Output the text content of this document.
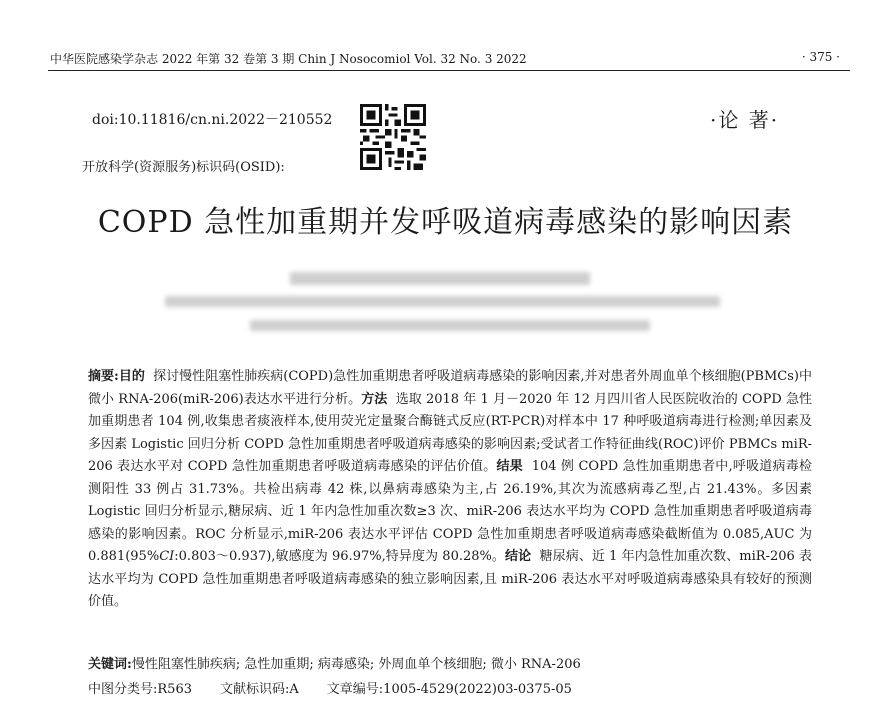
中华医院感染学杂志 2022 年第 32 卷第 3 期 Chin J Nosocomiol Vol. 32 No. 3 2022	· 375 ·
doi:10.11816/cn.ni.2022－210552
开放科学(资源服务)标识码(OSID):
·论 著·
COPD 急性加重期并发呼吸道病毒感染的影响因素

摘要:目的 探讨慢性阻塞性肺疾病(COPD)急性加重期患者呼吸道病毒感染的影响因素,并对患者外周血单个核细胞(PBMCs)中微小 RNA-206(miR-206)表达水平进行分析。方法 选取 2018 年 1 月－2020 年 12 月四川省人民医院收治的 COPD 急性加重期患者 104 例,收集患者痰液样本,使用荧光定量聚合酶链式反应(RT-PCR)对样本中 17 种呼吸道病毒进行检测;单因素及多因素 Logistic 回归分析 COPD 急性加重期患者呼吸道病毒感染的影响因素;受试者工作特征曲线(ROC)评价 PBMCs miR-206 表达水平对 COPD 急性加重期患者呼吸道病毒感染的评估价值。结果 104 例 COPD 急性加重期患者中,呼吸道病毒检测阳性 33 例占 31.73%。共检出病毒 42 株,以鼻病毒感染为主,占 26.19%,其次为流感病毒乙型,占 21.43%。多因素 Logistic 回归分析显示,糖尿病、近 1 年内急性加重次数≥3 次、miR-206 表达水平均为 COPD 急性加重期患者呼吸道病毒感染的影响因素。ROC 分析显示,miR-206 表达水平评估 COPD 急性加重期患者呼吸道病毒感染截断值为 0.085,AUC 为 0.881(95%CI:0.803～0.937),敏感度为 96.97%,特异度为 80.28%。结论 糖尿病、近 1 年内急性加重次数、miR-206 表达水平均为 COPD 急性加重期患者呼吸道病毒感染的独立影响因素,且 miR-206 表达水平对呼吸道病毒感染具有较好的预测价值。

关键词:慢性阻塞性肺疾病; 急性加重期; 病毒感染; 外周血单个核细胞; 微小 RNA-206
中图分类号:R563 文献标识码:A 文章编号:1005-4529(2022)03-0375-05
